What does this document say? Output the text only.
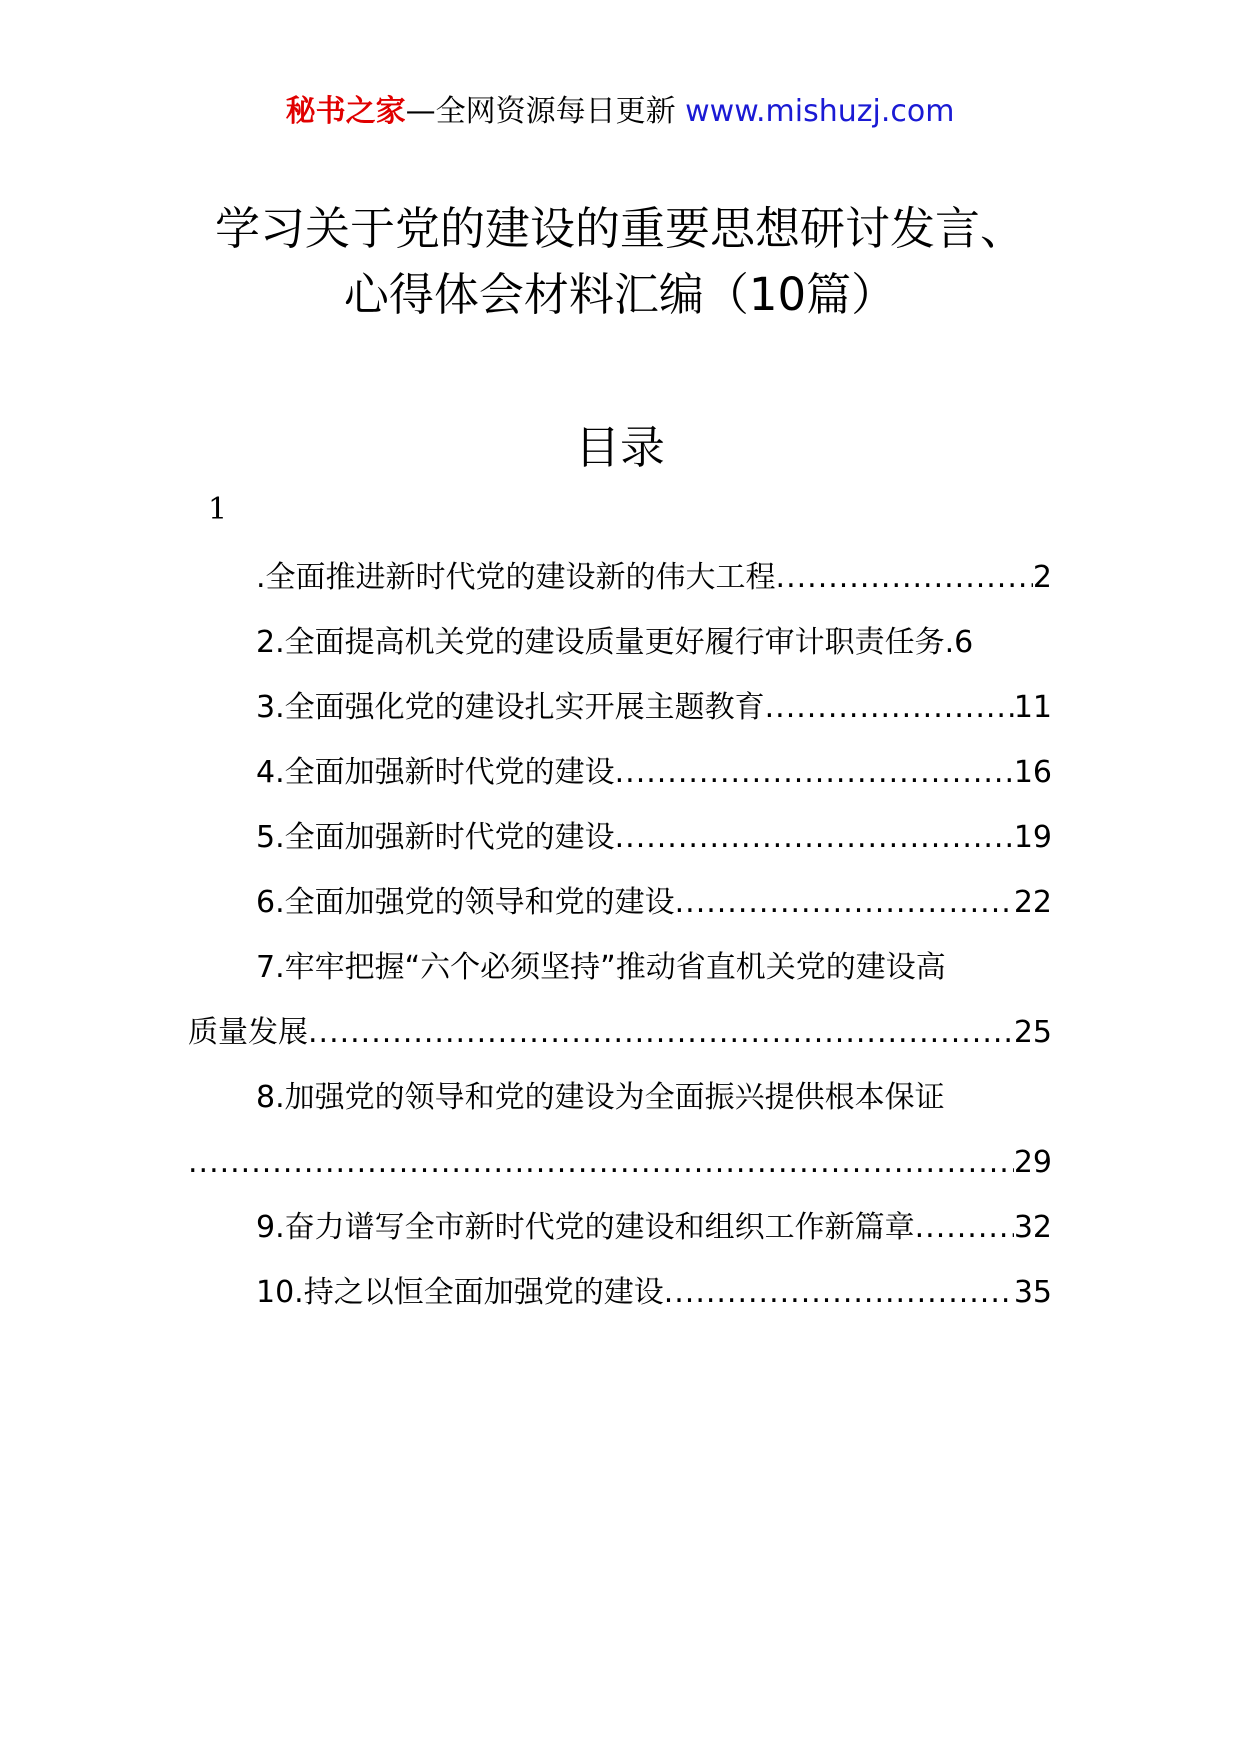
秘书之家—全网资源每日更新 www.mishuzj.com
学习关于党的建设的重要思想研讨发言、
心得体会材料汇编（10篇）
目录
1
.全面推进新时代党的建设新的伟大工程 .....	2
2.全面提高机关党的建设质量更好履行审计职责任务 .6
3.全面强化党的建设扎实开展主题教育 .....	11
4.全面加强新时代党的建设 .....	16
5.全面加强新时代党的建设 .....	19
6.全面加强党的领导和党的建设 .....	22
7.牢牢把握“六个必须坚持”推动省直机关党的建设高
质量发展 .....	25
8.加强党的领导和党的建设为全面振兴提供根本保证
.....
29
9.奋力谱写全市新时代党的建设和组织工作新篇章 .....	32
10.持之以恒全面加强党的建设 .....	35
